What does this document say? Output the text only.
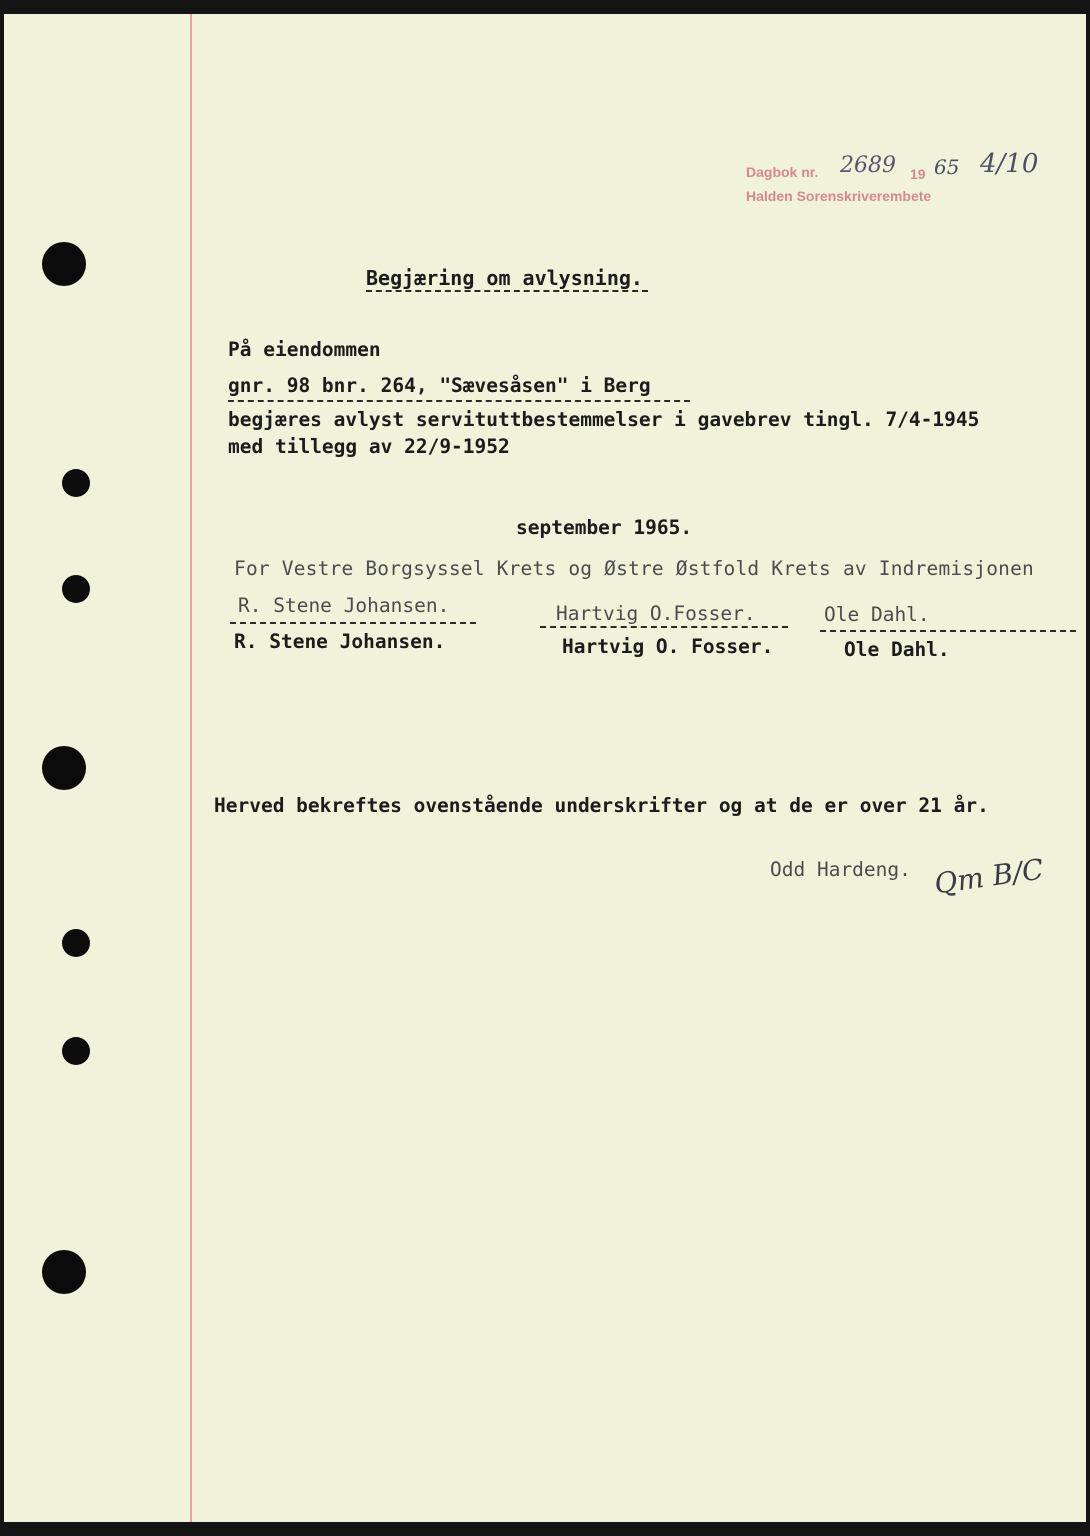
Dagbok nr. 2689 19 65 4/10
Halden Sorenskriverembete
Begjæring om avlysning.
På eiendommen
gnr. 98 bnr. 264, "Sævesåsen" i Berg
begjæres avlyst servituttbestemmelser i gavebrev tingl. 7/4-1945
med tillegg av 22/9-1952
september 1965.
For Vestre Borgsyssel Krets og Østre Østfold Krets av Indremisjonen
R. Stene Johansen.
R. Stene Johansen.
Hartvig O.Fosser.
Hartvig O. Fosser.
Ole Dahl.
Ole Dahl.
Herved bekreftes ovenstående underskrifter og at de er over 21 år.
Odd Hardeng. Qm B/C
